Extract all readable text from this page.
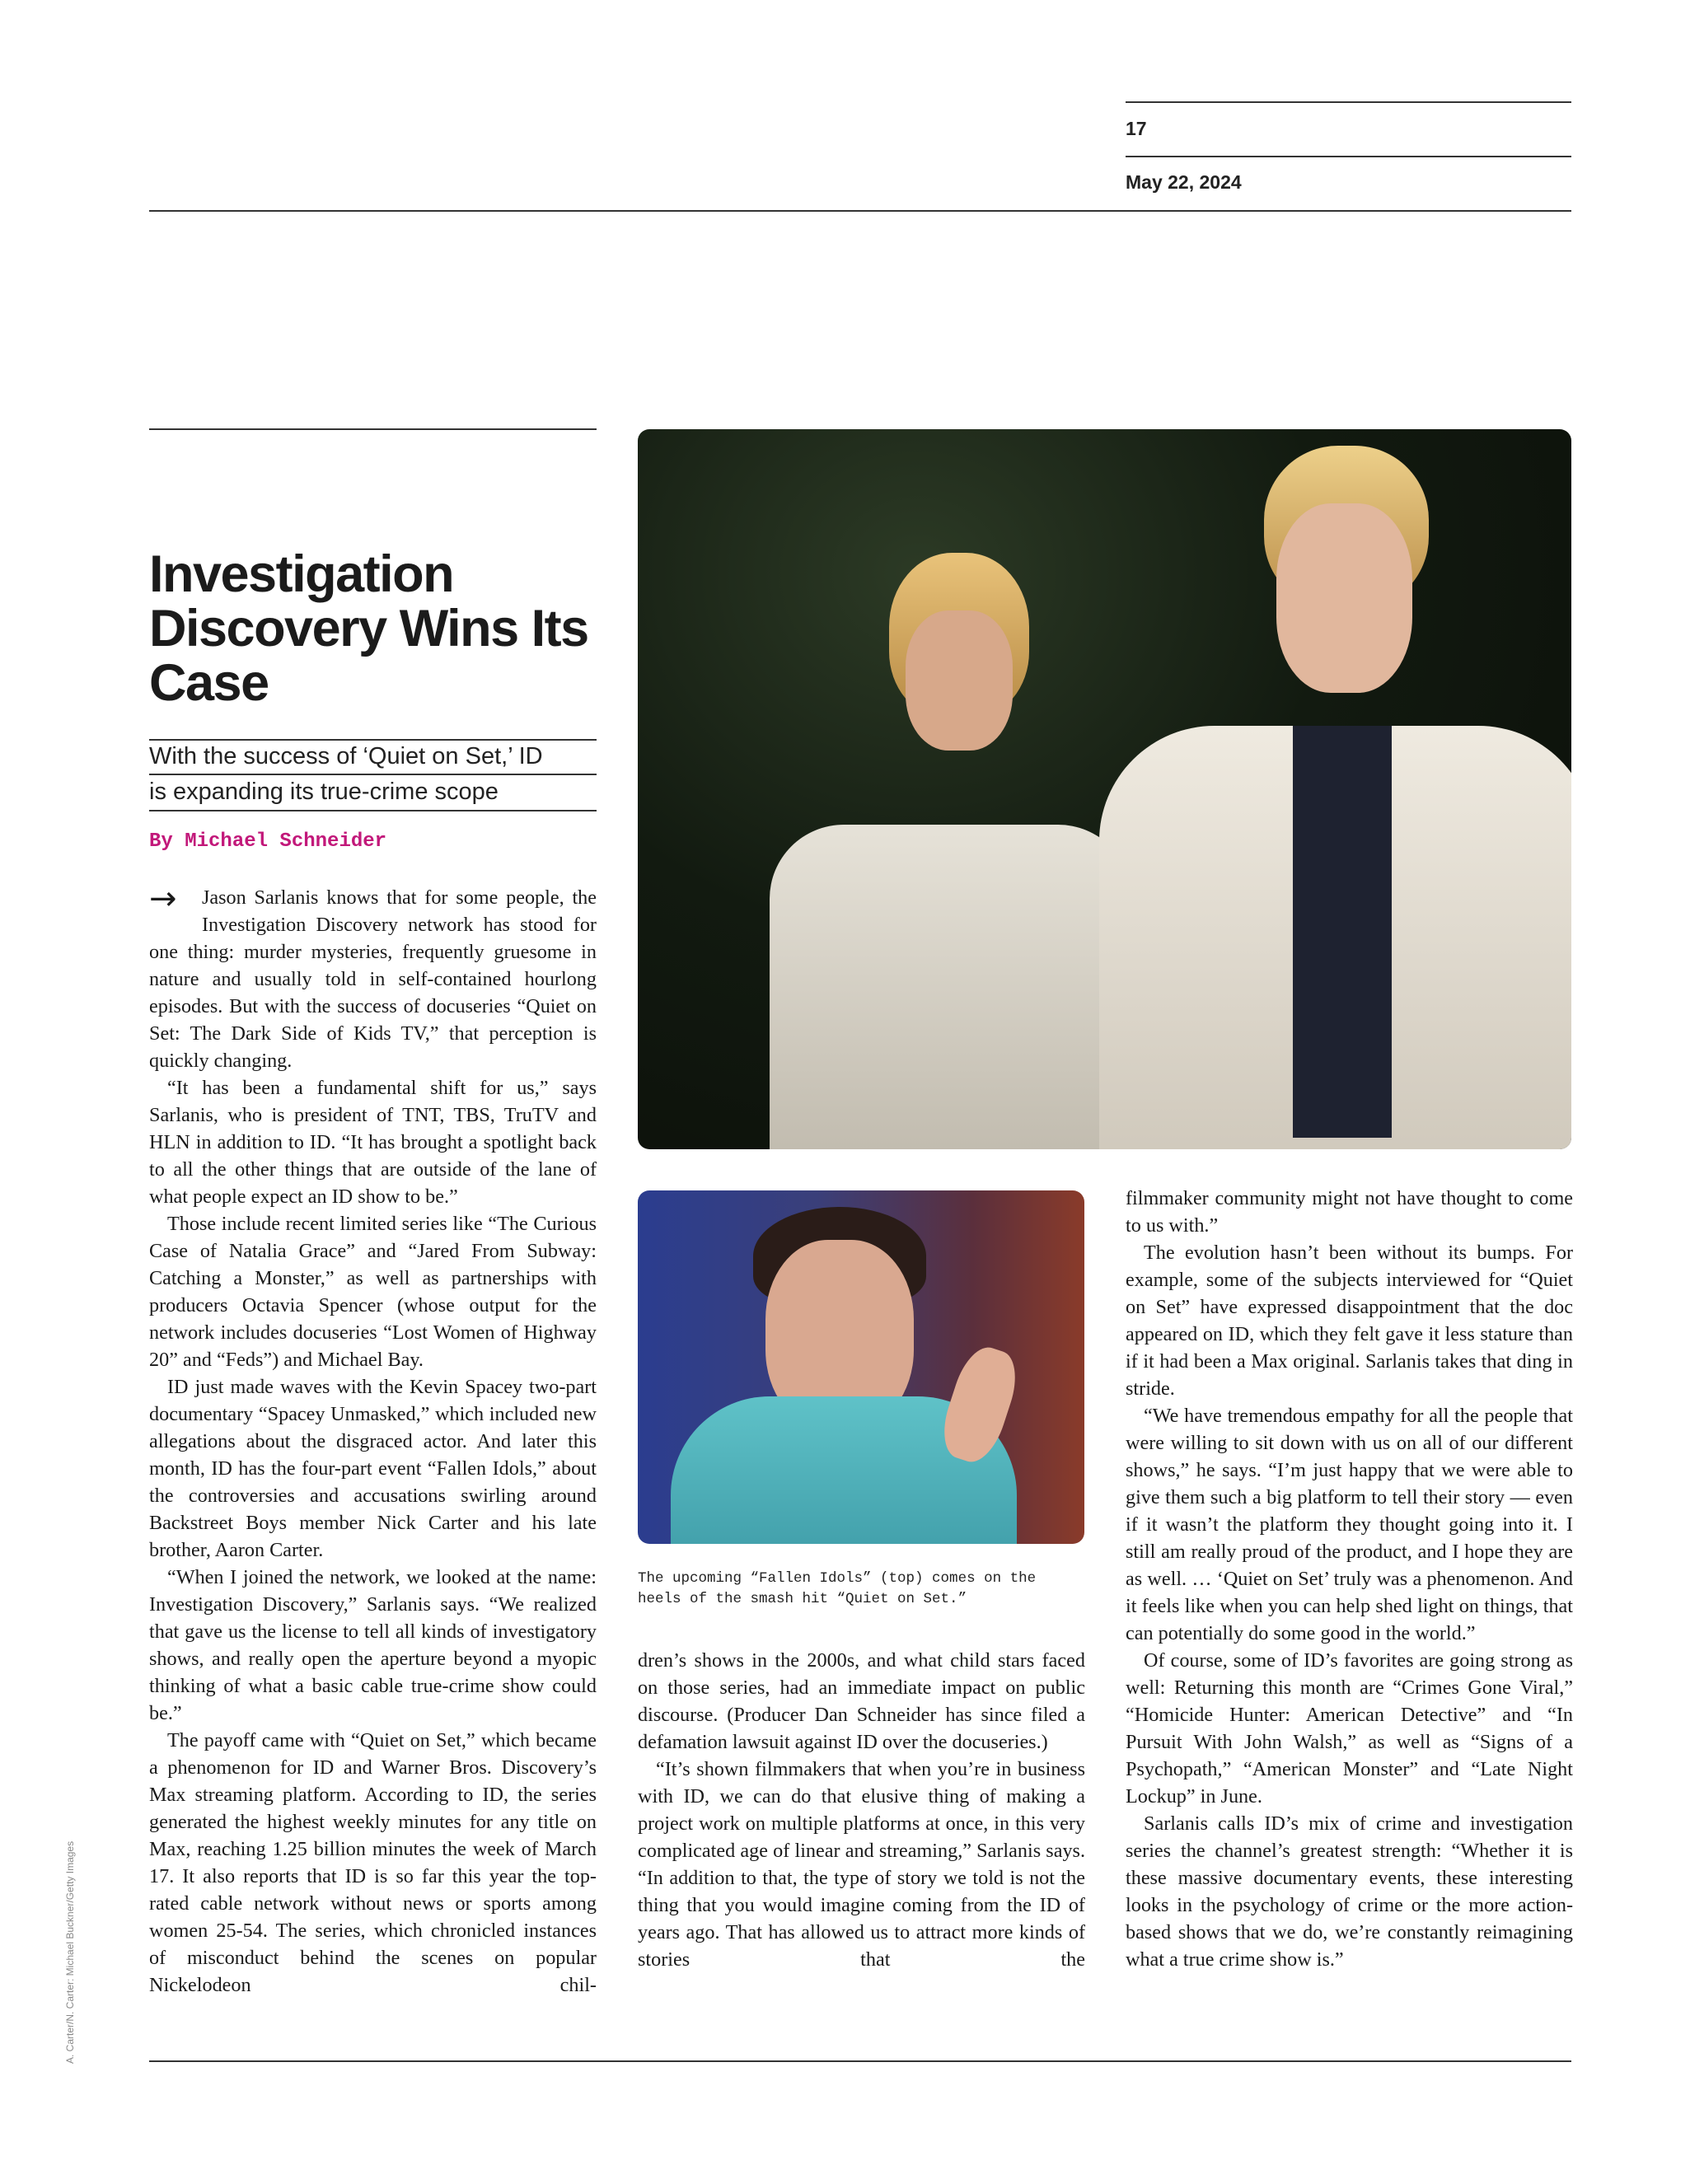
17
May 22, 2024
Investigation Discovery Wins Its Case
With the success of ‘Quiet on Set,’ ID
is expanding its true-crime scope
By Michael Schneider
→	Jason Sarlanis knows that for some people, the Investigation Discovery network has stood for one thing: murder mysteries, frequently gruesome in nature and usually told in self-contained hourlong episodes. But with the success of docuseries “Quiet on Set: The Dark Side of Kids TV,” that perception is quickly changing.

“It has been a fundamental shift for us,” says Sarlanis, who is president of TNT, TBS, TruTV and HLN in addition to ID. “It has brought a spotlight back to all the other things that are outside of the lane of what people expect an ID show to be.”

Those include recent limited series like “The Curious Case of Natalia Grace” and “Jared From Subway: Catching a Monster,” as well as partnerships with producers Octavia Spencer (whose output for the network includes docuseries “Lost Women of Highway 20” and “Feds”) and Michael Bay.

ID just made waves with the Kevin Spacey two-part documentary “Spacey Unmasked,” which included new allegations about the disgraced actor. And later this month, ID has the four-part event “Fallen Idols,” about the controversies and accusations swirling around Backstreet Boys member Nick Carter and his late brother, Aaron Carter.

“When I joined the network, we looked at the name: Investigation Discovery,” Sarlanis says. “We realized that gave us the license to tell all kinds of investigatory shows, and really open the aperture beyond a myopic thinking of what a basic cable true-crime show could be.”

The payoff came with “Quiet on Set,” which became a phenomenon for ID and Warner Bros. Discovery’s Max streaming platform. According to ID, the series generated the highest weekly minutes for any title on Max, reaching 1.25 billion minutes the week of March 17. It also reports that ID is so far this year the top-rated cable network without news or sports among women 25-54. The series, which chronicled instances of misconduct behind the scenes on popular Nickelodeon chil-

The upcoming “Fallen Idols” (top) comes on the heels of the smash hit “Quiet on Set.”

dren’s shows in the 2000s, and what child stars faced on those series, had an immediate impact on public discourse. (Producer Dan Schneider has since filed a defamation lawsuit against ID over the docuseries.)

“It’s shown filmmakers that when you’re in business with ID, we can do that elusive thing of making a project work on multiple platforms at once, in this very complicated age of linear and streaming,” Sarlanis says. “In addition to that, the type of story we told is not the thing that you would imagine coming from the ID of years ago. That has allowed us to attract more kinds of stories that the

filmmaker community might not have thought to come to us with.”

The evolution hasn’t been without its bumps. For example, some of the subjects interviewed for “Quiet on Set” have expressed disappointment that the doc appeared on ID, which they felt gave it less stature than if it had been a Max original. Sarlanis takes that ding in stride.

“We have tremendous empathy for all the people that were willing to sit down with us on all of our different shows,” he says. “I’m just happy that we were able to give them such a big platform to tell their story — even if it wasn’t the platform they thought going into it. I still am really proud of the product, and I hope they are as well. … ‘Quiet on Set’ truly was a phenomenon. And it feels like when you can help shed light on things, that can potentially do some good in the world.”

Of course, some of ID’s favorites are going strong as well: Returning this month are “Crimes Gone Viral,” “Homicide Hunter: American Detective” and “In Pursuit With John Walsh,” as well as “Signs of a Psychopath,” “American Monster” and “Late Night Lockup” in June.

Sarlanis calls ID’s mix of crime and investigation series the channel’s greatest strength: “Whether it is these massive documentary events, these interesting looks in the psychology of crime or the more action-based shows that we do, we’re constantly reimagining what a true crime show is.”

A. Carter/N. Carter: Michael Buckner/Getty Images
